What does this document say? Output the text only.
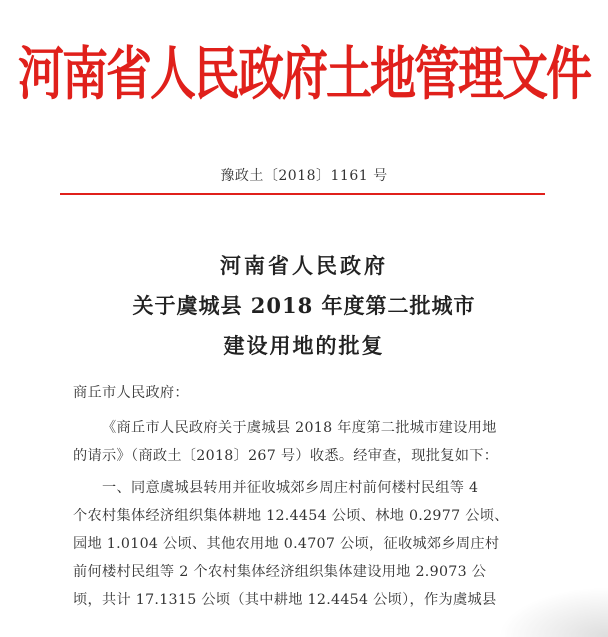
河南省人民政府土地管理文件
豫政土〔2018〕1161 号
河南省人民政府
关于虞城县 2018 年度第二批城市
建设用地的批复
商丘市人民政府：
《商丘市人民政府关于虞城县 2018 年度第二批城市建设用地
的请示》（商政土〔2018〕267 号）收悉。经审查，现批复如下：
一、同意虞城县转用并征收城郊乡周庄村前何楼村民组等 4
个农村集体经济组织集体耕地 12.4454 公顷、林地 0.2977 公顷、
园地 1.0104 公顷、其他农用地 0.4707 公顷，征收城郊乡周庄村
前何楼村民组等 2 个农村集体经济组织集体建设用地 2.9073 公
顷，共计 17.1315 公顷（其中耕地 12.4454 公顷），作为虞城县
